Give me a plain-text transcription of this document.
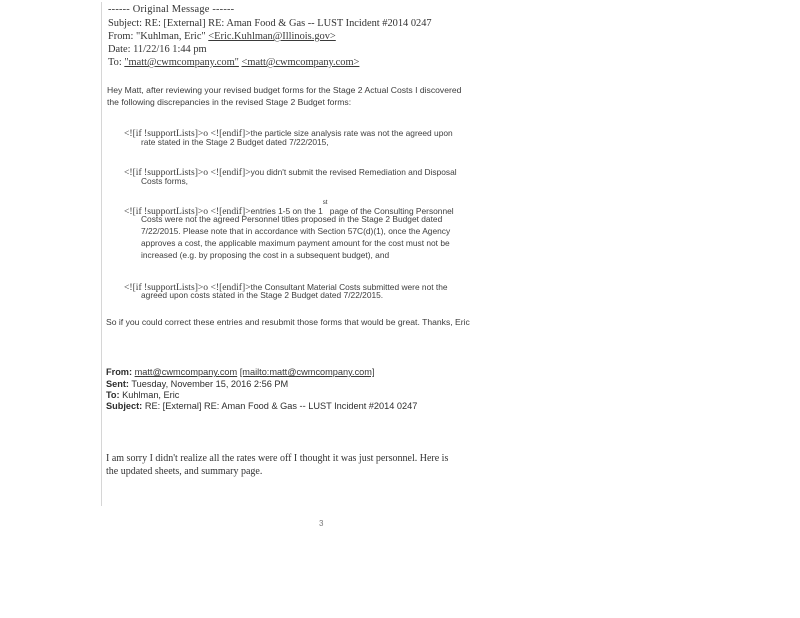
------ Original Message ------
Subject: RE: [External] RE: Aman Food & Gas -- LUST Incident #2014 0247
From: "Kuhlman, Eric" <Eric.Kuhlman@Illinois.gov>
Date: 11/22/16 1:44 pm
To: "matt@cwmcompany.com" <matt@cwmcompany.com>
Hey Matt, after reviewing your revised budget forms for the Stage 2 Actual Costs I discovered
the following discrepancies in the revised Stage 2 Budget forms:
<![if !supportLists]>o <![endif]>the particle size analysis rate was not the agreed upon
rate stated in the Stage 2 Budget dated 7/22/2015,
<![if !supportLists]>o <![endif]>you didn't submit the revised Remediation and Disposal
Costs forms,
<![if !supportLists]>o <![endif]>entries 1-5 on the 1st page of the Consulting Personnel
Costs were not the agreed Personnel titles proposed in the Stage 2 Budget dated
7/22/2015. Please note that in accordance with Section 57C(d)(1), once the Agency
approves a cost, the applicable maximum payment amount for the cost must not be
increased (e.g. by proposing the cost in a subsequent budget), and
<![if !supportLists]>o <![endif]>the Consultant Material Costs submitted were not the
agreed upon costs stated in the Stage 2 Budget dated 7/22/2015.
So if you could correct these entries and resubmit those forms that would be great. Thanks, Eric
From: matt@cwmcompany.com [mailto:matt@cwmcompany.com]
Sent: Tuesday, November 15, 2016 2:56 PM
To: Kuhlman, Eric
Subject: RE: [External] RE: Aman Food & Gas -- LUST Incident #2014 0247
I am sorry I didn't realize all the rates were off I thought it was just personnel. Here is
the updated sheets, and summary page.
3
